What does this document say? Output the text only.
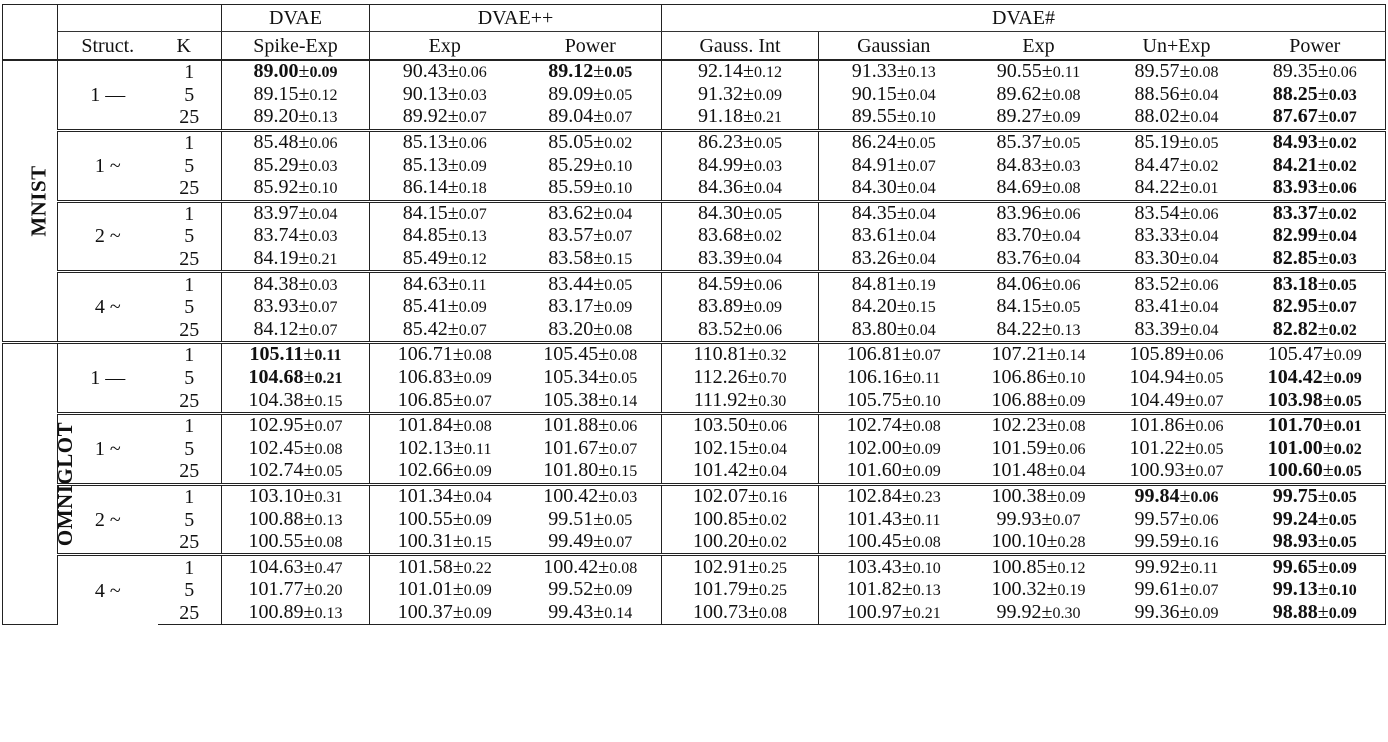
			DVAE	DVAE++		DVAE#				
	Struct.	K	Spike-Exp	Exp	Power	Gauss. Int	Gaussian	Exp	Un+Exp	Power
MNIST	1 —	1	89.00±0.09	90.43±0.06	89.12±0.05	92.14±0.12	91.33±0.13	90.55±0.11	89.57±0.08	89.35±0.06
		5	89.15±0.12	90.13±0.03	89.09±0.05	91.32±0.09	90.15±0.04	89.62±0.08	88.56±0.04	88.25±0.03
		25	89.20±0.13	89.92±0.07	89.04±0.07	91.18±0.21	89.55±0.10	89.27±0.09	88.02±0.04	87.67±0.07
	1 ~	1	85.48±0.06	85.13±0.06	85.05±0.02	86.23±0.05	86.24±0.05	85.37±0.05	85.19±0.05	84.93±0.02
		5	85.29±0.03	85.13±0.09	85.29±0.10	84.99±0.03	84.91±0.07	84.83±0.03	84.47±0.02	84.21±0.02
		25	85.92±0.10	86.14±0.18	85.59±0.10	84.36±0.04	84.30±0.04	84.69±0.08	84.22±0.01	83.93±0.06
	2 ~	1	83.97±0.04	84.15±0.07	83.62±0.04	84.30±0.05	84.35±0.04	83.96±0.06	83.54±0.06	83.37±0.02
		5	83.74±0.03	84.85±0.13	83.57±0.07	83.68±0.02	83.61±0.04	83.70±0.04	83.33±0.04	82.99±0.04
		25	84.19±0.21	85.49±0.12	83.58±0.15	83.39±0.04	83.26±0.04	83.76±0.04	83.30±0.04	82.85±0.03
	4 ~	1	84.38±0.03	84.63±0.11	83.44±0.05	84.59±0.06	84.81±0.19	84.06±0.06	83.52±0.06	83.18±0.05
		5	83.93±0.07	85.41±0.09	83.17±0.09	83.89±0.09	84.20±0.15	84.15±0.05	83.41±0.04	82.95±0.07
		25	84.12±0.07	85.42±0.07	83.20±0.08	83.52±0.06	83.80±0.04	84.22±0.13	83.39±0.04	82.82±0.02
OMNIGLOT	1 —	1	105.11±0.11	106.71±0.08	105.45±0.08	110.81±0.32	106.81±0.07	107.21±0.14	105.89±0.06	105.47±0.09
		5	104.68±0.21	106.83±0.09	105.34±0.05	112.26±0.70	106.16±0.11	106.86±0.10	104.94±0.05	104.42±0.09
		25	104.38±0.15	106.85±0.07	105.38±0.14	111.92±0.30	105.75±0.10	106.88±0.09	104.49±0.07	103.98±0.05
	1 ~	1	102.95±0.07	101.84±0.08	101.88±0.06	103.50±0.06	102.74±0.08	102.23±0.08	101.86±0.06	101.70±0.01
		5	102.45±0.08	102.13±0.11	101.67±0.07	102.15±0.04	102.00±0.09	101.59±0.06	101.22±0.05	101.00±0.02
		25	102.74±0.05	102.66±0.09	101.80±0.15	101.42±0.04	101.60±0.09	101.48±0.04	100.93±0.07	100.60±0.05
	2 ~	1	103.10±0.31	101.34±0.04	100.42±0.03	102.07±0.16	102.84±0.23	100.38±0.09	99.84±0.06	99.75±0.05
		5	100.88±0.13	100.55±0.09	99.51±0.05	100.85±0.02	101.43±0.11	99.93±0.07	99.57±0.06	99.24±0.05
		25	100.55±0.08	100.31±0.15	99.49±0.07	100.20±0.02	100.45±0.08	100.10±0.28	99.59±0.16	98.93±0.05
	4 ~	1	104.63±0.47	101.58±0.22	100.42±0.08	102.91±0.25	103.43±0.10	100.85±0.12	99.92±0.11	99.65±0.09
		5	101.77±0.20	101.01±0.09	99.52±0.09	101.79±0.25	101.82±0.13	100.32±0.19	99.61±0.07	99.13±0.10
		25	100.89±0.13	100.37±0.09	99.43±0.14	100.73±0.08	100.97±0.21	99.92±0.30	99.36±0.09	98.88±0.09
